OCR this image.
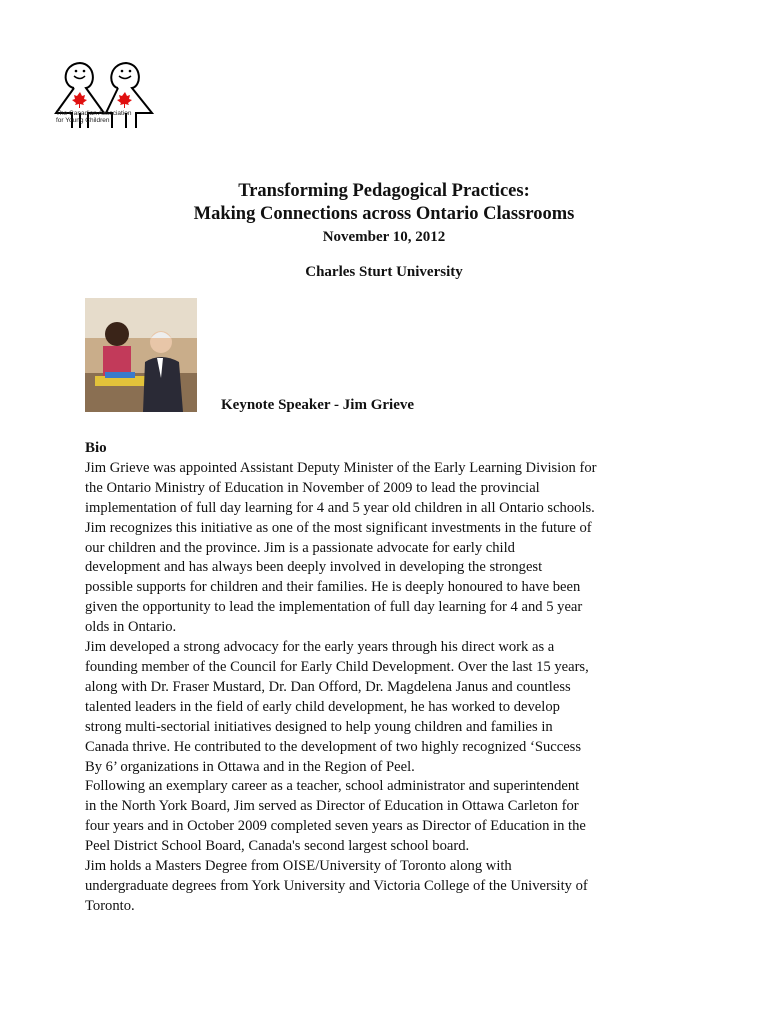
The Canadian Association
for Young Children
Transforming Pedagogical Practices:
Making Connections across Ontario Classrooms
November 10, 2012
Charles Sturt University
Keynote Speaker - Jim Grieve
Bio
Jim Grieve was appointed Assistant Deputy Minister of the Early Learning Division for
the Ontario Ministry of Education in November of 2009 to lead the provincial
implementation of full day learning for 4 and 5 year old children in all Ontario schools.
Jim recognizes this initiative as one of the most significant investments in the future of
our children and the province. Jim is a passionate advocate for early child
development and has always been deeply involved in developing the strongest
possible supports for children and their families. He is deeply honoured to have been
given the opportunity to lead the implementation of full day learning for 4 and 5 year
olds in Ontario.
Jim developed a strong advocacy for the early years through his direct work as a
founding member of the Council for Early Child Development. Over the last 15 years,
along with Dr. Fraser Mustard, Dr. Dan Offord, Dr. Magdelena Janus and countless
talented leaders in the field of early child development, he has worked to develop
strong multi-sectorial initiatives designed to help young children and families in
Canada thrive. He contributed to the development of two highly recognized ‘Success
By 6’ organizations in Ottawa and in the Region of Peel.
Following an exemplary career as a teacher, school administrator and superintendent
in the North York Board, Jim served as Director of Education in Ottawa Carleton for
four years and in October 2009 completed seven years as Director of Education in the
Peel District School Board, Canada's second largest school board.
Jim holds a Masters Degree from OISE/University of Toronto along with
undergraduate degrees from York University and Victoria College of the University of
Toronto.
